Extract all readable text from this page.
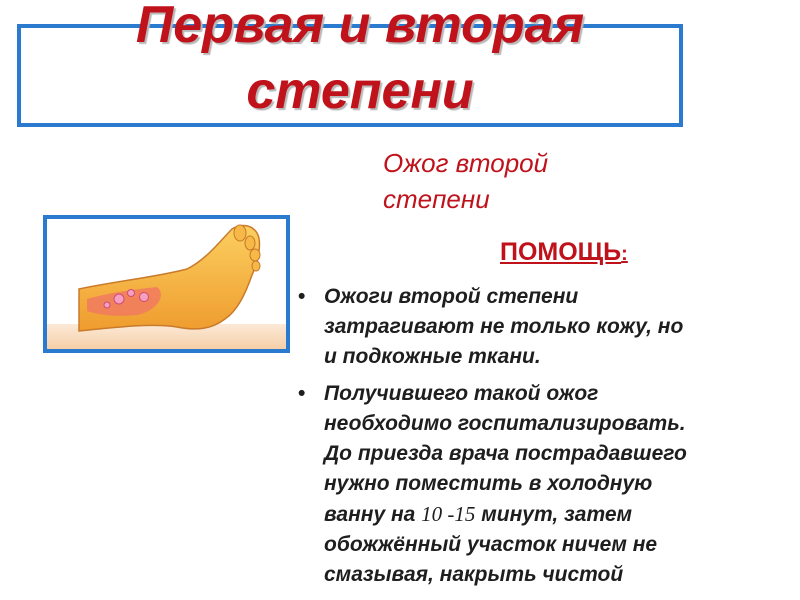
Первая и вторая
степени

Ожог второй
степени

ПОМОЩЬ:

• Ожоги второй степени
затрагивают не только кожу, но
и подкожные ткани.
• Получившего такой ожог
необходимо госпитализировать.
До приезда врача пострадавшего
нужно поместить в холодную
ванну на 10 -15 минут, затем
обожжённый участок ничем не
смазывая, накрыть чистой
